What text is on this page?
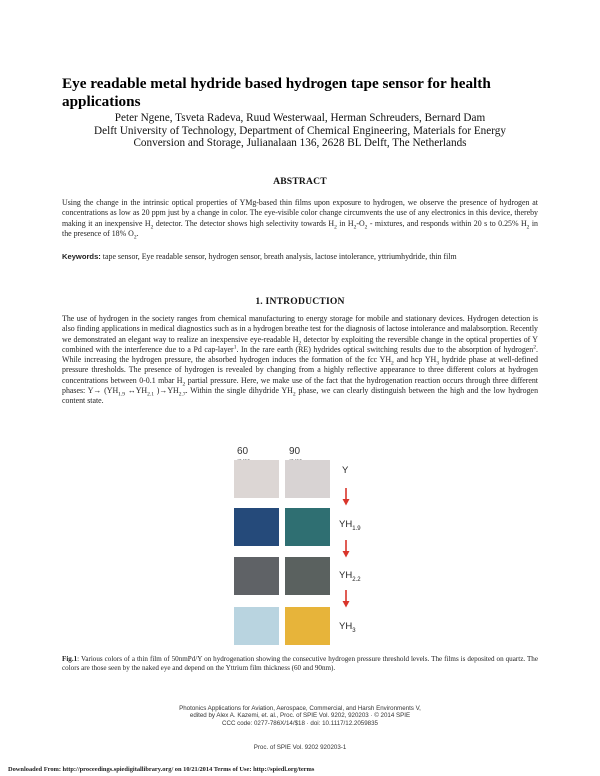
Eye readable metal hydride based hydrogen tape sensor for health applications
Peter Ngene, Tsveta Radeva, Ruud Westerwaal, Herman Schreuders, Bernard Dam
Delft University of Technology, Department of Chemical Engineering, Materials for Energy
Conversion and Storage, Julianalaan 136, 2628 BL Delft, The Netherlands
ABSTRACT
Using the change in the intrinsic optical properties of YMg-based thin films upon exposure to hydrogen, we observe the presence of hydrogen at concentrations as low as 20 ppm just by a change in color. The eye-visible color change circumvents the use of any electronics in this device, thereby making it an inexpensive $H_2$ detector. The detector shows high selectivity towards $H_2$ in $H_2-O_2$ - mixtures, and responds within 20 s to 0.25% $H_2$ in the presence of 18% $O_2$.
Keywords: tape sensor, Eye readable sensor, hydrogen sensor, breath analysis, lactose intolerance, yttriumhydride, thin film
1. INTRODUCTION
The use of hydrogen in the society ranges from chemical manufacturing to energy storage for mobile and stationary devices. Hydrogen detection is also finding applications in medical diagnostics such as in a hydrogen breathe test for the diagnosis of lactose intolerance and malabsorption. Recently we demonstrated an elegant way to realize an inexpensive eye-readable $H_2$ detector by exploiting the reversible change in the optical properties of Y combined with the interference due to a Pd cap-layer$^1$. In the rare earth (RE) hydrides optical switching results due to the absorption of hydrogen$^2$. While increasing the hydrogen pressure, the absorbed hydrogen induces the formation of the fcc $YH_2$ and hcp $YH_3$ hydride phase at well-defined pressure thresholds. The presence of hydrogen is revealed by changing from a highly reflective appearance to three different colors at hydrogen concentrations between 0-0.1 mbar $H_2$ partial pressure. Here, we make use of the fact that the hydrogenation reaction occurs through three different phases: $Y\to (YH_{1.9}$ $\leftrightarrow YH_{2.1}$ )$\to YH_{2.7}$. Within the single dihydride $YH_2$ phase, we can clearly distinguish between the high and the low hydrogen content state.
60	90
Y
$YH_{1.9}$
$YH_{2.2}$
$YH_3$
Fig.1: Various colors of a thin film of 50nmPd/Y on hydrogenation showing the consecutive hydrogen pressure threshold levels. The films is deposited on quartz. The colors are those seen by the naked eye and depend on the Yttrium film thickness (60 and 90nm).
Photonics Applications for Aviation, Aerospace, Commercial, and Harsh Environments V,
edited by Alex A. Kazemi, et. al., Proc. of SPIE Vol. 9202, 920203 · © 2014 SPIE
CCC code: 0277-786X/14/$18 · doi: 10.1117/12.2059835
Proc. of SPIE Vol. 9202 920203-1
Downloaded From: http://proceedings.spiedigitallibrary.org/ on 10/21/2014 Terms of Use: http://spiedl.org/terms
